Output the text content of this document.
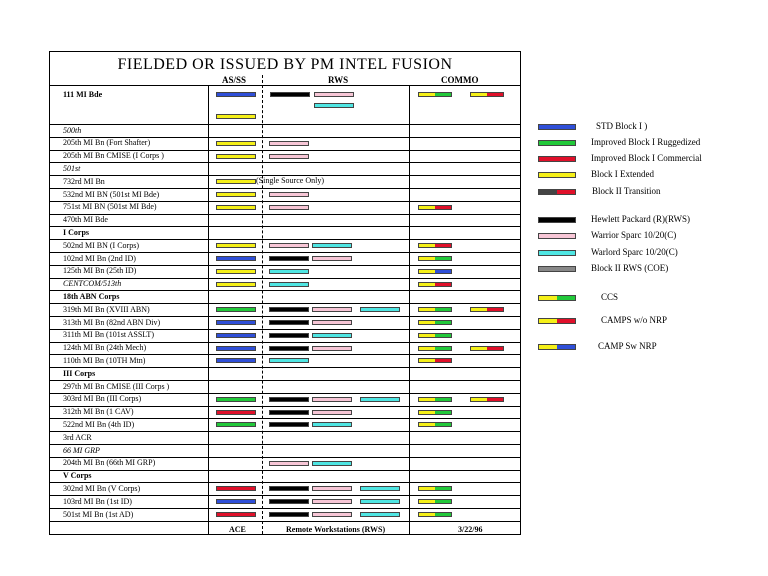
FIELDED OR ISSUED BY PM INTEL FUSION
AS/SS	RWS	COMMO
111 MI Bde
500th
205th MI Bn (Fort Shafter)
205th MI Bn CMISE (I Corps )
501st
732rd MI Bn	(Single Source Only)
532nd MI BN (501st MI Bde)
751st MI BN (501st MI Bde)
470th MI Bde
I Corps
502nd MI BN (I Corps)
102nd MI Bn (2nd ID)
125th MI Bn (25th ID)
CENTCOM/513th
18th ABN Corps
319th MI Bn (XVIII ABN)
313th MI Bn (82nd ABN Div)
311th MI Bn (101st ASSLT)
124th MI Bn (24th Mech)
110th MI Bn (10TH Mtn)
III Corps
297th MI Bn CMISE (III Corps )
303rd MI Bn (III Corps)
312th MI Bn (1 CAV)
522nd MI Bn (4th ID)
3rd ACR
66 MI GRP
204th MI Bn (66th MI GRP)
V Corps
302nd MI Bn (V Corps)
103rd MI Bn (1st ID)
501st MI Bn (1st AD)
ACE	Remote Workstations (RWS)	3/22/96
STD Block I )
Improved Block I Ruggedized
Improved Block I Commercial
Block I Extended
Block II Transition
Hewlett Packard (R)(RWS)
Warrior Sparc 10/20(C)
Warlord Sparc 10/20(C)
Block II RWS (COE)
CCS
CAMPS w/o NRP
CAMP Sw NRP
